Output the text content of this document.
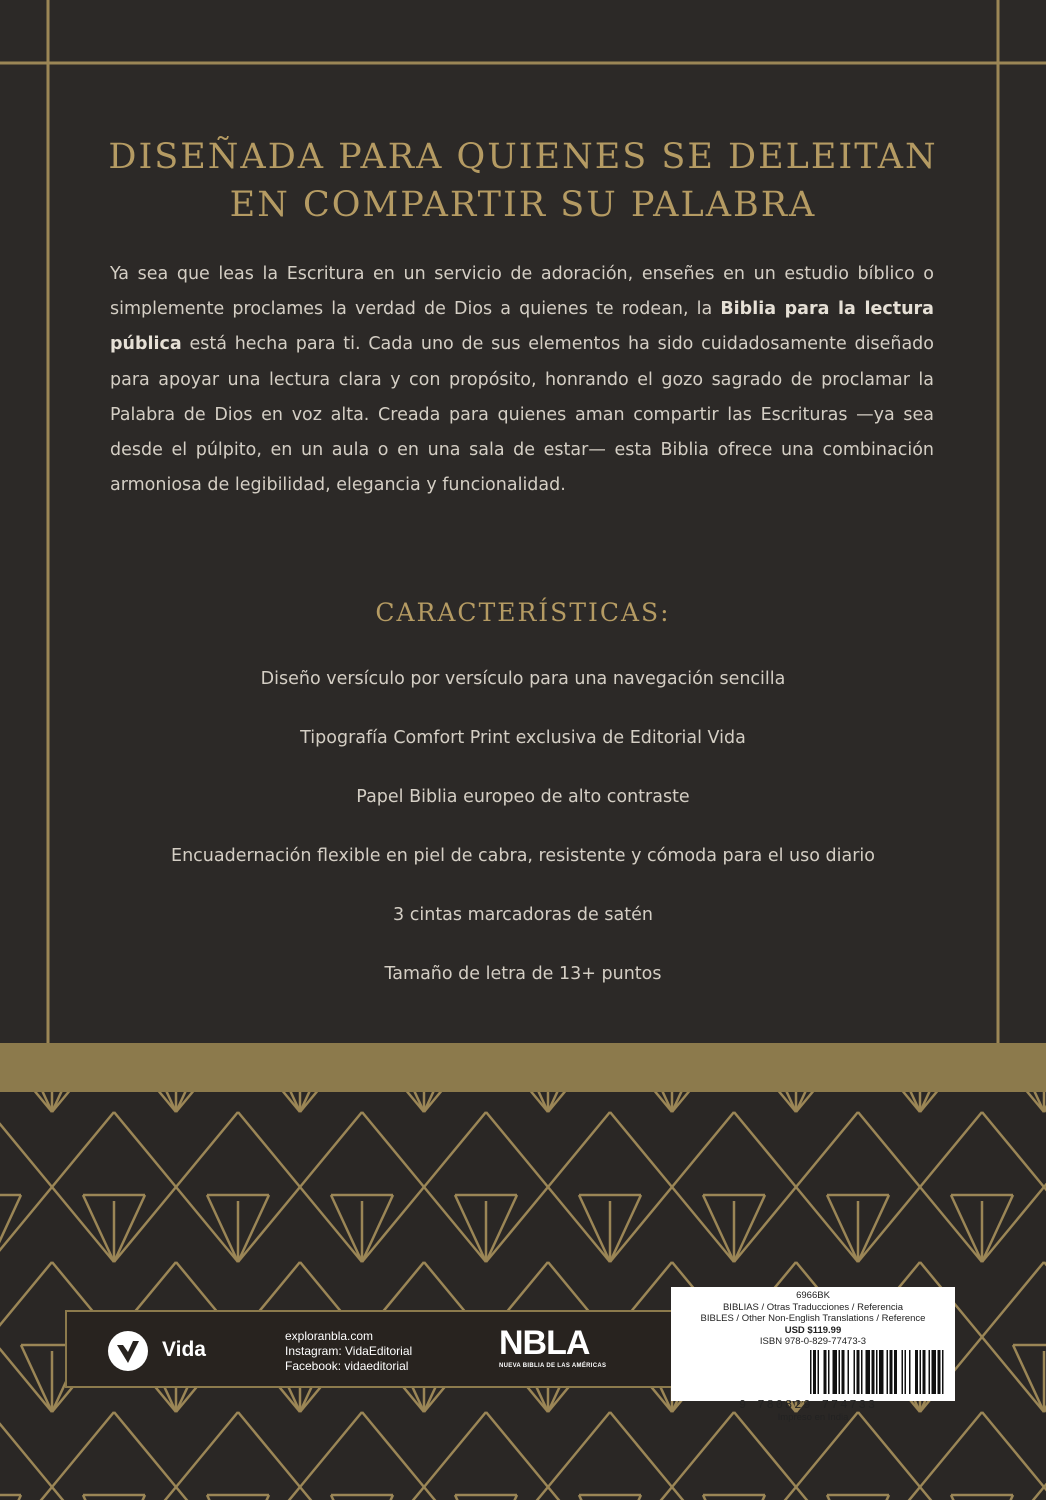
DISEÑADA PARA QUIENES SE DELEITAN
EN COMPARTIR SU PALABRA

Ya sea que leas la Escritura en un servicio de adoración, enseñes en un estudio bíblico o simplemente proclames la verdad de Dios a quienes te rodean, la Biblia para la lectura pública está hecha para ti. Cada uno de sus elementos ha sido cuidadosamente diseñado para apoyar una lectura clara y con propósito, honrando el gozo sagrado de proclamar la Palabra de Dios en voz alta. Creada para quienes aman compartir las Escrituras —ya sea desde el púlpito, en un aula o en una sala de estar— esta Biblia ofrece una combinación armoniosa de legibilidad, elegancia y funcionalidad.

CARACTERÍSTICAS:
Diseño versículo por versículo para una navegación sencilla
Tipografía Comfort Print exclusiva de Editorial Vida
Papel Biblia europeo de alto contraste
Encuadernación flexible en piel de cabra, resistente y cómoda para el uso diario
3 cintas marcadoras de satén
Tamaño de letra de 13+ puntos
Vida
exploranbla.com
Instagram: VidaEditorial
Facebook: vidaeditorial
NBLA
NUEVA BIBLIA DE LAS AMÉRICAS
6966BK
BIBLIAS / Otras Traducciones / Referencia
BIBLES / Other Non-English Translations / Reference
USD $119.99
ISBN 978-0-829-77473-3
9 780829 774733
Impreso en India
